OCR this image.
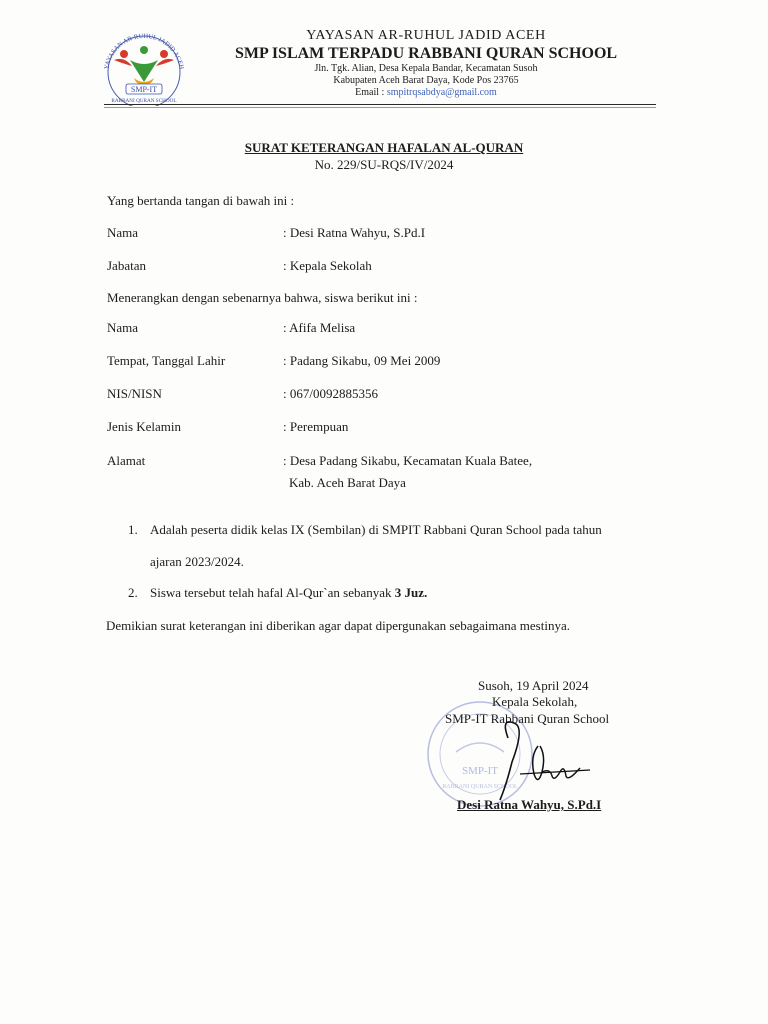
YAYASAN AR-RUHUL JADID ACEH
SMP-IT
RABBANI QURAN SCHOOL
YAYASAN AR-RUHUL JADID ACEH
SMP ISLAM TERPADU RABBANI QURAN SCHOOL
Jln. Tgk. Alian, Desa Kepala Bandar, Kecamatan Susoh
Kabupaten Aceh Barat Daya, Kode Pos 23765
Email : smpitrqsabdya@gmail.com
SURAT KETERANGAN HAFALAN AL-QURAN
No. 229/SU-RQS/IV/2024
Yang bertanda tangan di bawah ini :
Nama	: Desi Ratna Wahyu, S.Pd.I
Jabatan	: Kepala Sekolah
Menerangkan dengan sebenarnya bahwa, siswa berikut ini :
Nama	: Afifa Melisa
Tempat, Tanggal Lahir	: Padang Sikabu, 09 Mei 2009
NIS/NISN	: 067/0092885356
Jenis Kelamin	: Perempuan
Alamat	: Desa Padang Sikabu, Kecamatan Kuala Batee,
Kab. Aceh Barat Daya
1. Adalah peserta didik kelas IX (Sembilan) di SMPIT Rabbani Quran School pada tahun
ajaran 2023/2024.
2. Siswa tersebut telah hafal Al-Qur`an sebanyak 3 Juz.
Demikian surat keterangan ini diberikan agar dapat dipergunakan sebagaimana mestinya.
SMP-IT
RABBANI QURAN SCHOOL
Susoh, 19 April 2024
Kepala Sekolah,
SMP-IT Rabbani Quran School
Desi Ratna Wahyu, S.Pd.I
